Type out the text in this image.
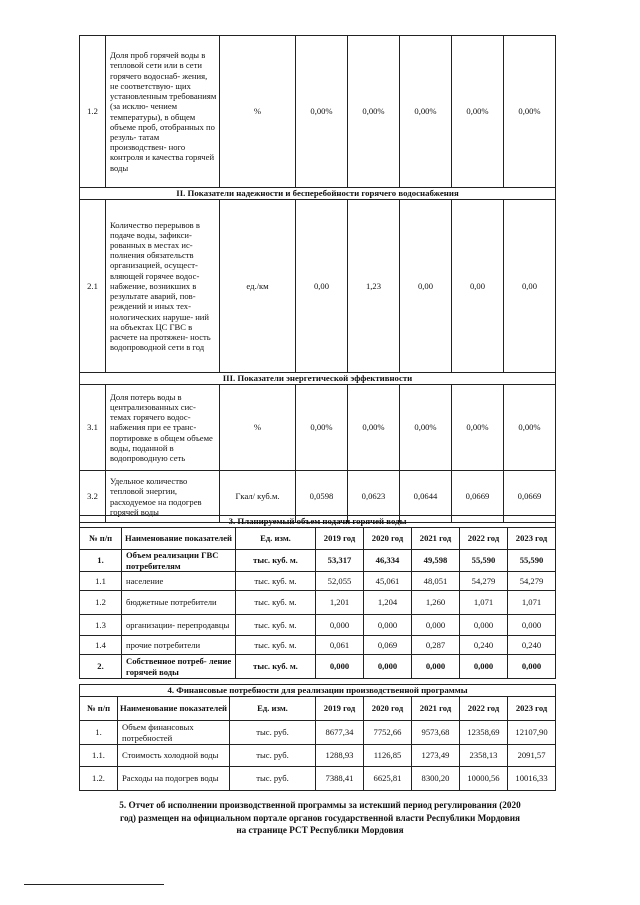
1.2	Доля проб горячей воды в тепловой сети или в сети горячего водоснаб- жения, не соответствую- щих установленным требованиям (за исклю- чением температуры), в общем объеме проб, отобранных по резуль- татам производствен- ного контроля и качества горячей воды	%	0,00%	0,00%	0,00%	0,00%	0,00%
II. Показатели надежности и бесперебойности горячего водоснабжения							
2.1	Количество перерывов в подаче воды, зафикси- рованных в местах ис- полнения обязательств организацией, осущест- вляющей горячее водос- набжение, возникших в результате аварий, пов- реждений и иных тех- нологических наруше- ний на объектах ЦС ГВС в расчете на протяжен- ность водопроводной сети в год	ед./км	0,00	1,23	0,00	0,00	0,00
III. Показатели энергетической эффективности							
3.1	Доля потерь воды в централизованных сис- темах горячего водос- набжения при ее транс- портировке в общем объеме воды, поданной в водопроводную сеть	%	0,00%	0,00%	0,00%	0,00%	0,00%
3.2	Удельное количество тепловой энергии, расходуемое на подогрев горячей воды	Гкал/ куб.м.	0,0598	0,0623	0,0644	0,0669	0,0669
3. Планируемый объем подачи горячей воды							
№ п/п	Наименование показателей	Ед. изм.	2019 год	2020 год	2021 год	2022 год	2023 год
1.	Объем реализации ГВС потребителям	тыс. куб. м.	53,317	46,334	49,598	55,590	55,590
1.1	население	тыс. куб. м.	52,055	45,061	48,051	54,279	54,279
1.2	бюджетные потребители	тыс. куб. м.	1,201	1,204	1,260	1,071	1,071
1.3	организации- перепродавцы	тыс. куб. м.	0,000	0,000	0,000	0,000	0,000
1.4	прочие потребители	тыс. куб. м.	0,061	0,069	0,287	0,240	0,240
2.	Собственное потреб- ление горячей воды	тыс. куб. м.	0,000	0,000	0,000	0,000	0,000
4. Финансовые потребности для реализации производственной программы							
№ п/п	Наименование показателей	Ед. изм.	2019 год	2020 год	2021 год	2022 год	2023 год
1.	Объем финансовых потребностей	тыс. руб.	8677,34	7752,66	9573,68	12358,69	12107,90
1.1.	Стоимость холодной воды	тыс. руб.	1288,93	1126,85	1273,49	2358,13	2091,57
1.2.	Расходы на подогрев воды	тыс. руб.	7388,41	6625,81	8300,20	10000,56	10016,33
5. Отчет об исполнении производственной программы за истекший период регулирования (2020
год) размещен на официальном портале органов государственной власти Республики Мордовия
на странице РСТ Республики Мордовия
